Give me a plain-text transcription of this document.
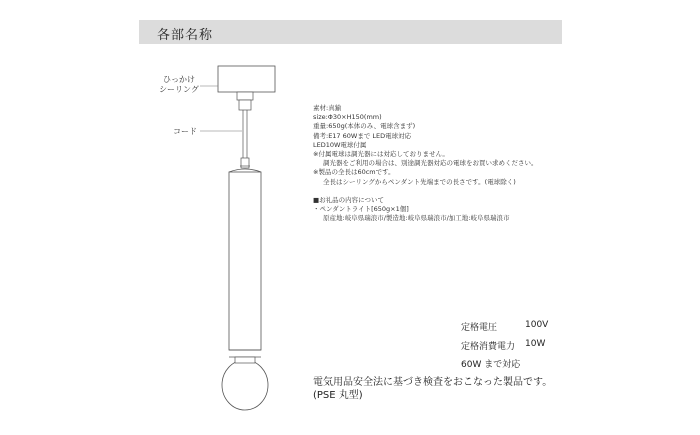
各部名称
ひっかけ
シーリング
コード
素材:真鍮
size:Φ30×H150(mm)
重量:650g(本体のみ、電球含まず)
備考:E17 60Wまで LED電球対応
LED10W電球付属
※付属電球は調光器には対応しておりません。
調光器をご利用の場合は、別途調光器対応の電球をお買い求めください。
※製品の全長は60cmです。
全長はシーリングからペンダント先端までの長さです。(電球除く)
■お礼品の内容について
・ペンダントライト[650g×1個]
原産地:岐阜県瑞浪市/製造地:岐阜県瑞浪市/加工地:岐阜県瑞浪市
定格電圧	100V
定格消費電力 10W
60W まで対応
電気用品安全法に基づき検査をおこなった製品です。
(PSE 丸型)
